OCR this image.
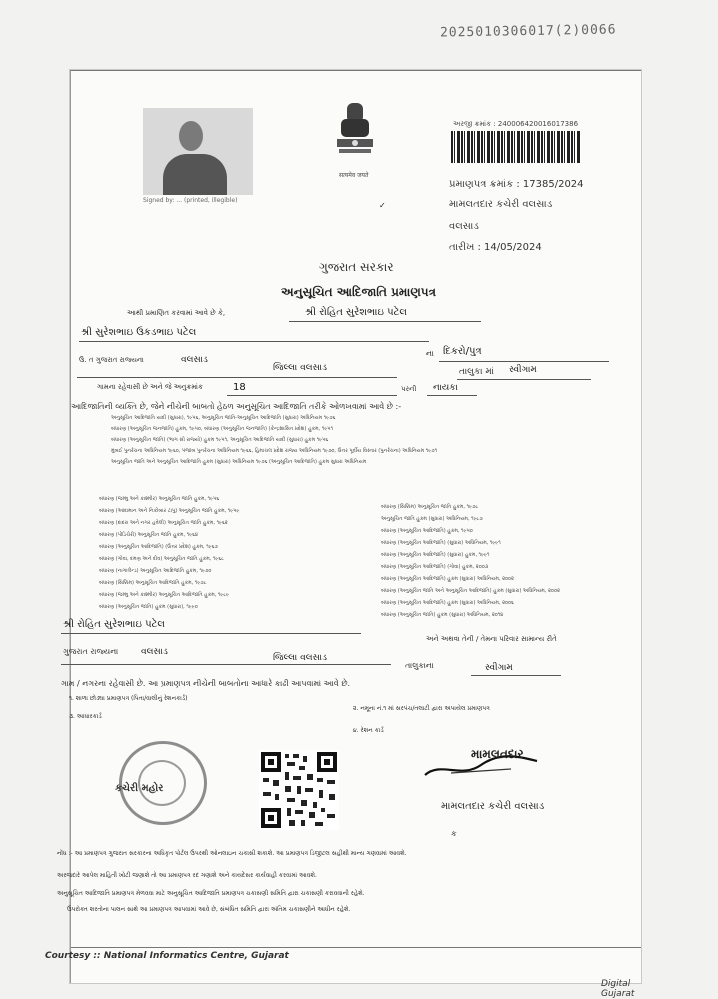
2025010306017(2)0066
Signed by: ... (printed, illegible)
सत्यमेव जयते
અરજી ક્રમાંક : 240006420016017386
પ્રમાણપત્ર ક્રમાંક : 17385/2024
મામલતદાર કચેરી વલસાડ
વલસાડ
તારીખ : 14/05/2024
✓
ગુજરાત સરકાર
અનુસૂચિત આદિજાતિ પ્રમાણપત્ર
આથી પ્રમાણિત કરવામાં આવે છે કે,	શ્રી રોહિત સુરેશભાઇ પટેલ
શ્રી સુરેશભાઇ ઉકડભાઇ પટેલ
ના દિકરો/પુત્ર
ઉ. ત ગુજરાત રાજ્યના	વલસાડ
જિલ્લા વલસાડ	તાલુકા માં સ્વીગામ
ગામના રહેવાસી છે અને જે અનુક્રમાંક	18	પરની નાયકા
આદિજાતિની વ્યક્તિ છે, જેને નીચેની બાબતો હેઠળ અનુસૂચિત આદિજાતિ તરીકે ઓળખવામાં આવે છે :-
અનુસૂચિત આદિજાતિ યાદી (સુધારા), ૧૯૫૬, અનુસૂચિત જાતિ-અનુસૂચિત આદિજાતિ (સુધારા) અધિનિયમ ૧૯૭૬
બંધારણ (અનુસૂચિત જનજાતિ) હુકમ, ૧૯૫૦, બંધારણ (અનુસૂચિત જનજાતિ) (કેન્દ્રશાસિત પ્રદેશ) હુકમ, ૧૯૫૧
બંધારણ (અનુસૂચિત જાતિ) (ભાગ સી રાજ્યો) હુકમ ૧૯૫૧, અનુસૂચિત આદિજાતિ યાદી (સુધારા) હુકમ ૧૯૫૬
મુંબઈ પુનર્રચના અધિનિયમ ૧૯૬૦, પંજાબ પુનર્રચના અધિનિયમ ૧૯૬૬, હિમાચલ પ્રદેશ રાજ્ય અધિનિયમ ૧૯૭૦, ઉત્તર પૂર્વીય વિસ્તાર (પુનર્રચના) અધિનિયમ ૧૯૭૧
અનુસૂચિત જાતિ અને અનુસૂચિત આદિજાતિ હુકમ (સુધારા) અધિનિયમ ૧૯૭૬ (અનુસૂચિત આદિજાતિ) હુકમ સુધારા અધિનિયમ
બંધારણ (જમ્મુ અને કાશ્મીર) અનુસૂચિત જાતિ હુકમ, ૧૯૫૬
બંધારણ (આંદામાન અને નિકોબાર ટાપુ) અનુસૂચિત જાતિ હુકમ, ૧૯૫૯
બંધારણ (દાદરા અને નગર હવેલી) અનુસૂચિત જાતિ હુકમ, ૧૯૬૨
બંધારણ (પોંડિચેરી) અનુસૂચિત જાતિ હુકમ, ૧૯૬૪
બંધારણ (અનુસૂચિત આદિજાતિ) (ઉત્તર પ્રદેશ) હુકમ, ૧૯૬૭
બંધારણ (ગોવા, દમણ અને દીવ) અનુસૂચિત જાતિ હુકમ, ૧૯૬૮
બંધારણ (નાગાલેન્ડ) અનુસૂચિત આદિજાતિ હુકમ, ૧૯૭૦
બંધારણ (સિક્કિમ) અનુસૂચિત આદિજાતિ હુકમ, ૧૯૭૮
બંધારણ (જમ્મુ અને કાશ્મીર) અનુસૂચિત આદિજાતિ હુકમ, ૧૯૮૯
બંધારણ (અનુસૂચિત જાતિ) હુકમ (સુધારા), ૧૯૯૦
બંધારણ (સિક્કિમ) અનુસૂચિત જાતિ હુકમ, ૧૯૭૮
અનુસૂચિત જાતિ હુકમ (સુધારા) અધિનિયમ, ૧૯૮૭
બંધારણ (અનુસૂચિત આદિજાતિ) હુકમ, ૧૯૫૦
બંધારણ (અનુસૂચિત આદિજાતિ) (સુધારા) અધિનિયમ, ૧૯૯૧
બંધારણ (અનુસૂચિત આદિજાતિ) (સુધારા) હુકમ, ૧૯૯૧
બંધારણ (અનુસૂચિત આદિજાતિ) (ગોવા) હુકમ, ૨૦૦૩
બંધારણ (અનુસૂચિત આદિજાતિ) હુકમ (સુધારા) અધિનિયમ, ૨૦૦૨
બંધારણ (અનુસૂચિત જાતિ અને અનુસૂચિત આદિજાતિ) હુકમ (સુધારા) અધિનિયમ, ૨૦૦૨
બંધારણ (અનુસૂચિત આદિજાતિ) હુકમ (સુધારા) અધિનિયમ, ૨૦૦૬
બંધારણ (અનુસૂચિત જાતિ) હુકમ (સુધારા) અધિનિયમ, ૨૦૧૪
શ્રી રોહિત સુરેશભાઇ પટેલ
અને અથવા તેની / તેમના પરિવાર સામાન્ય રીતે
ગુજરાત રાજ્યના	વલસાડ
જિલ્લા વલસાડ
તાલુકાના	સ્વીગામ
ગામ / નગરના રહેવાસી છે. આ પ્રમાણપત્ર નીચેની બાબતોના આધારે કાઢી આપવામાં આવે છે.
૧. શાળા છોડ્યા પ્રમાણપત્ર (પિતા/વાલીનું રેશનકાર્ડ)
૨. નમૂના નં.૧ માં સરપંચ/તલાટી દ્વારા અપાયેલ પ્રમાણપત્ર
૩. આધારકાર્ડ
૪. રેશન કાર્ડ
કચેરી મહોર
મામલતદાર
મામલતદાર કચેરી વલસાડ
ક
નોંધ :- આ પ્રમાણપત્ર ગુજરાત સરકારના અધિકૃત પોર્ટલ ઉપરથી ઓનલાઇન ચકાસી શકાશે. આ પ્રમાણપત્ર ડિજીટલ સહીથી માન્ય ગણવામાં આવશે.
અરજદારે આપેલ માહિતી ખોટી જણાશે તો આ પ્રમાણપત્ર રદ ગણાશે અને કાયદેસર કાર્યવાહી કરવામાં આવશે.
અનુસૂચિત આદિજાતિ પ્રમાણપત્ર મેળવવા માટે અનુસૂચિત આદિજાતિ પ્રમાણપત્ર ચકાસણી સમિતિ દ્વારા ચકાસણી કરાવવાની રહેશે.
ઉપરોક્ત શરતોના પાલન સાથે આ પ્રમાણપત્ર આપવામાં આવે છે, સંબંધિત સમિતિ દ્વારા અંતિમ ચકાસણીને આધીન રહેશે.
Courtesy :: National Informatics Centre, Gujarat
Digital Gujarat
